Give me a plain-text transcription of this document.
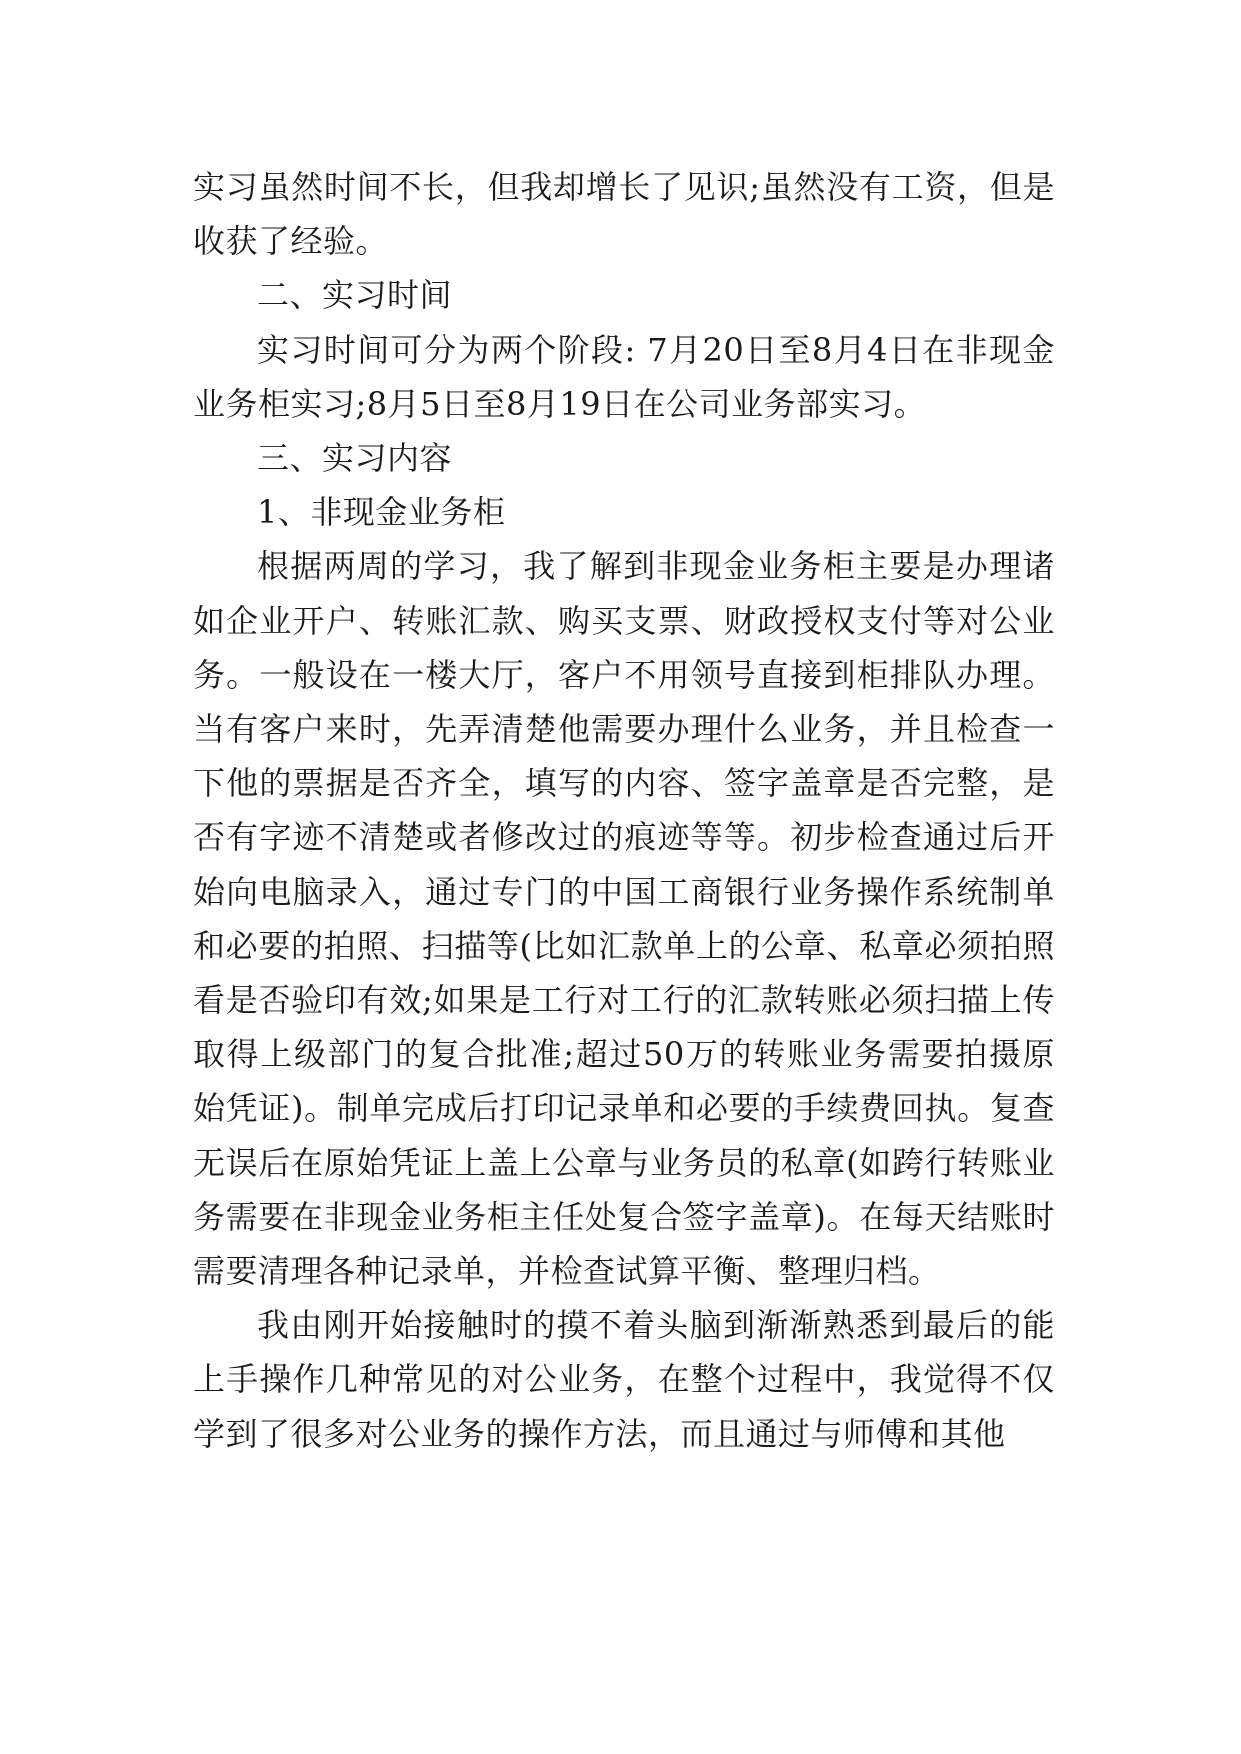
实习虽然时间不长，但我却增长了见识;虽然没有工资，但是收获了经验。

二、实习时间

实习时间可分为两个阶段: 7月20日至8月4日在非现金业务柜实习;8月5日至8月19日在公司业务部实习。

三、实习内容

1、非现金业务柜

根据两周的学习，我了解到非现金业务柜主要是办理诸如企业开户、转账汇款、购买支票、财政授权支付等对公业务。一般设在一楼大厅，客户不用领号直接到柜排队办理。当有客户来时，先弄清楚他需要办理什么业务，并且检查一下他的票据是否齐全，填写的内容、签字盖章是否完整，是否有字迹不清楚或者修改过的痕迹等等。初步检查通过后开始向电脑录入，通过专门的中国工商银行业务操作系统制单和必要的拍照、扫描等(比如汇款单上的公章、私章必须拍照看是否验印有效;如果是工行对工行的汇款转账必须扫描上传取得上级部门的复合批准;超过50万的转账业务需要拍摄原始凭证)。制单完成后打印记录单和必要的手续费回执。复查无误后在原始凭证上盖上公章与业务员的私章(如跨行转账业务需要在非现金业务柜主任处复合签字盖章)。在每天结账时需要清理各种记录单，并检查试算平衡、整理归档。

我由刚开始接触时的摸不着头脑到渐渐熟悉到最后的能上手操作几种常见的对公业务，在整个过程中，我觉得不仅学到了很多对公业务的操作方法，而且通过与师傅和其他
